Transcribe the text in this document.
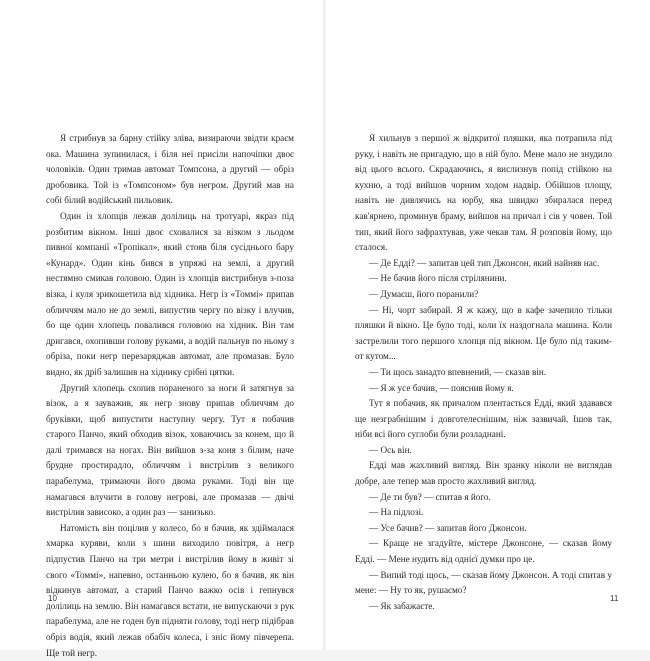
Я стрибнув за барну стійку зліва, визираючи звідти краєм ока. Машина зупинилася, і біля неї присіли напочіпки двоє чоловіків. Один тримав автомат Томпсона, а другий — обріз дробовика. Той із «Томпсоном» був негром. Другий мав на собі білий водійський пильовик.

Один із хлопців лежав долілиць на тротуарі, якраз під розбитим вікном. Інші двоє сховалися за візком з льодом пивної компанії «Тропікал», який стояв біля сусіднього бару «Кунард». Один кінь бився в упряжі на землі, а другий нестямно смикав головою. Один із хлопців вистрибнув з-поза візка, і куля зрикошетила від хідника. Негр із «Томмі» припав обличчям мало не до землі, випустив чергу по візку і влучив, бо ще один хлопець повалився головою на хідник. Він там дригався, охопивши голову руками, а водій пальнув по ньому з обріза, поки негр перезаряджав автомат, але промазав. Було видно, як дріб залишив на хіднику срібні цятки.

Другий хлопець схопив пораненого за ноги й затягнув за візок, а я зауважив, як негр знову припав обличчям до бруківки, щоб випустити наступну чергу. Тут я побачив старого Панчо, який обходив візок, ховаючись за конем, що й далі тримався на ногах. Він вийшов з-за коня з білим, наче брудне простирадло, обличчям і вистрілив з великого парабелума, тримаючи його двома руками. Тоді він ще намагався влучити в голову негрові, але промазав — двічі вистрілив зависоко, а один раз — занизько.

Натомість він поцілив у колесо, бо я бачив, як здіймалася хмарка куряви, коли з шини виходило повітря, а негр підпустив Панчо на три метри і вистрілив йому в живіт зі свого «Томмі», напевно, останньою кулею, бо я бачив, як він відкинув автомат, а старий Панчо важко осів і гепнувся долілиць на землю. Він намагався встати, не випускаючи з рук парабелума, але не годен був підняти голову, тоді негр підібрав обріз водія, який лежав обабіч колеса, і зніс йому півчерепа. Ще той негр.

10

Я хильнув з першої ж відкритої пляшки, яка потрапила під руку, і навіть не пригадую, що в ній було. Мене мало не знудило від цього всього. Скрадаючись, я вислизнув попід стійкою на кухню, а тоді вийшов чорним ходом надвір. Обійшов площу, навіть не дивлячись на юрбу, яка швидко збиралася перед кав'ярнею, проминув браму, вийшов на причал і сів у човен. Той тип, який його зафрахтував, уже чекав там. Я розповів йому, що сталося.

— Де Едді? — запитав цей тип Джонсон, який найняв нас.

— Не бачив його після стрілянини.

— Думаєш, його поранили?

— Ні, чорт забирай. Я ж кажу, що в кафе зачепило тільки пляшки й вікно. Це було тоді, коли їх наздогнала машина. Коли застрелили того першого хлопця під вікном. Це було під таким-от кутом...

— Ти щось занадто впевнений, — сказав він.

— Я ж усе бачив, — пояснив йому я.

Тут я побачив, як причалом плентається Едді, який здавався ще незграбнішим і довготелеснішим, ніж зазвичай. Ішов так, ніби всі його суглоби були розладнані.

— Ось він.

Едді мав жахливий вигляд. Він зранку ніколи не виглядав добре, але тепер мав просто жахливий вигляд.

— Де ти був? — спитав я його.

— На підлозі.

— Усе бачив? — запитав його Джонсон.

— Краще не згадуйте, містере Джонсоне, — сказав йому Едді. — Мене нудить від однієї думки про це.

— Випий тоді щось, — сказав йому Джонсон. А тоді спитав у мене: — Ну то як, рушаємо?

— Як забажаєте.

11
